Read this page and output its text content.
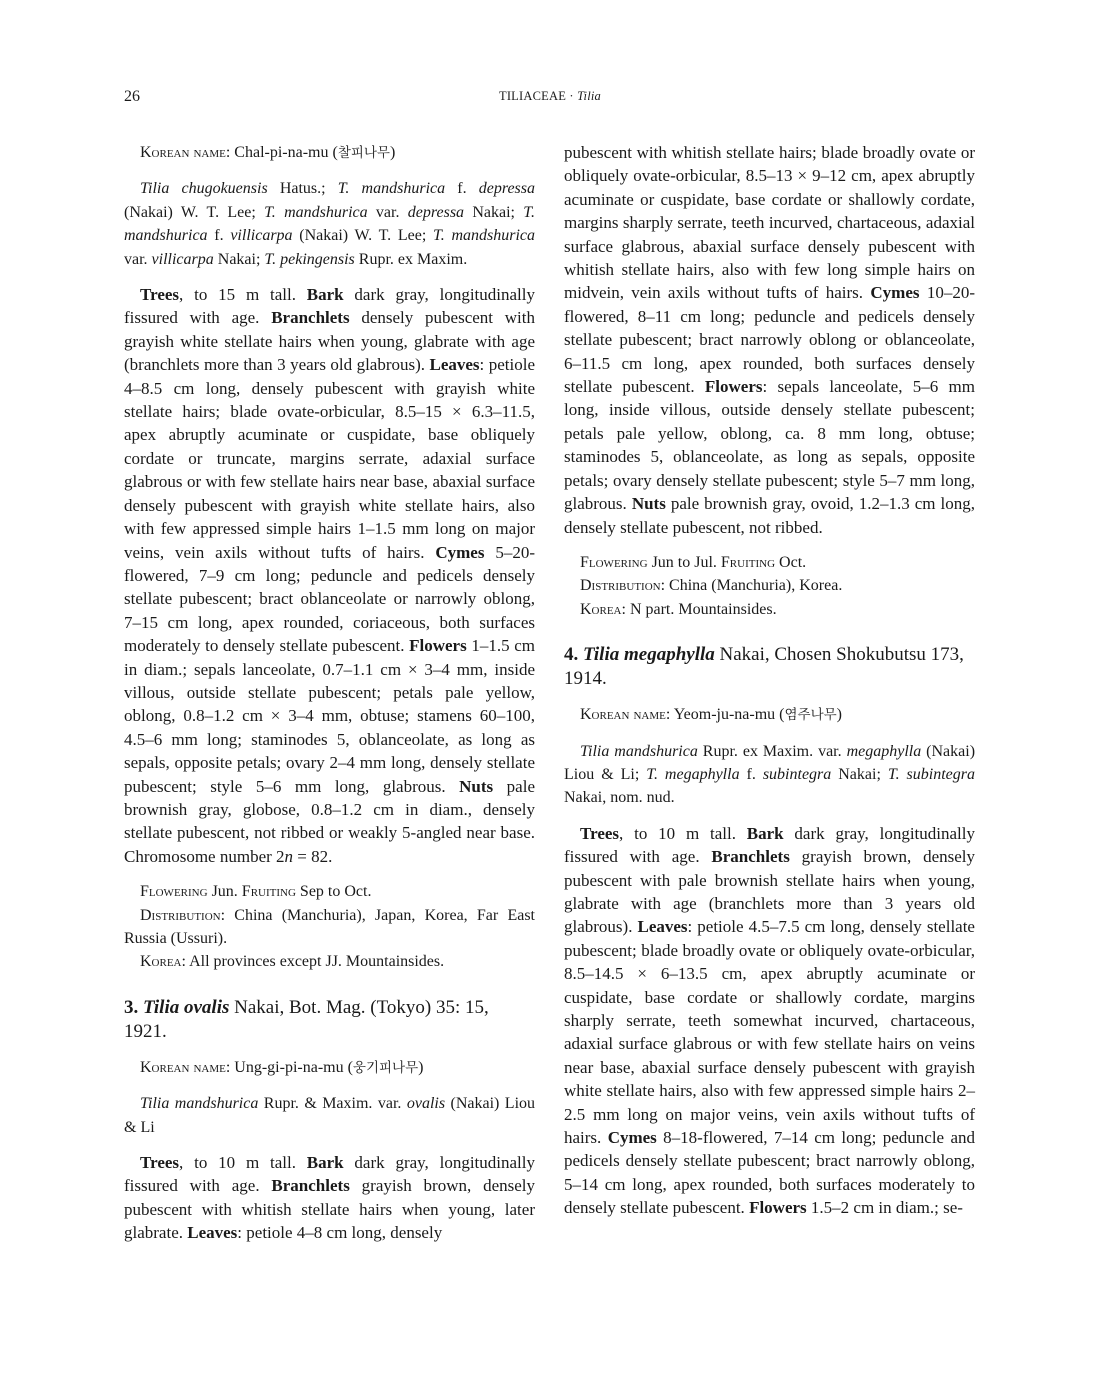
26	TILIACEAE · Tilia

Korean name: Chal-pi-na-mu (찰피나무)

Tilia chugokuensis Hatus.; T. mandshurica f. depressa (Nakai) W. T. Lee; T. mandshurica var. depressa Nakai; T. mandshurica f. villicarpa (Nakai) W. T. Lee; T. mandshurica var. villicarpa Nakai; T. pekingensis Rupr. ex Maxim.

Trees, to 15 m tall. Bark dark gray, longitudinally fissured with age. Branchlets densely pubescent with grayish white stellate hairs when young, glabrate with age (branchlets more than 3 years old glabrous). Leaves: petiole 4–8.5 cm long, densely pubescent with grayish white stellate hairs; blade ovate-orbicular, 8.5–15 × 6.3–11.5, apex abruptly acuminate or cuspidate, base obliquely cordate or truncate, margins serrate, adaxial surface glabrous or with few stellate hairs near base, abaxial surface densely pubescent with grayish white stellate hairs, also with few appressed simple hairs 1–1.5 mm long on major veins, vein axils without tufts of hairs. Cymes 5–20-flowered, 7–9 cm long; peduncle and pedicels densely stellate pubescent; bract oblanceolate or narrowly oblong, 7–15 cm long, apex rounded, coriaceous, both surfaces moderately to densely stellate pubescent. Flowers 1–1.5 cm in diam.; sepals lanceolate, 0.7–1.1 cm × 3–4 mm, inside villous, outside stellate pubescent; petals pale yellow, oblong, 0.8–1.2 cm × 3–4 mm, obtuse; stamens 60–100, 4.5–6 mm long; staminodes 5, oblanceolate, as long as sepals, opposite petals; ovary 2–4 mm long, densely stellate pubescent; style 5–6 mm long, glabrous. Nuts pale brownish gray, globose, 0.8–1.2 cm in diam., densely stellate pubescent, not ribbed or weakly 5-angled near base. Chromosome number 2n = 82.

Flowering Jun. Fruiting Sep to Oct.

Distribution: China (Manchuria), Japan, Korea, Far East Russia (Ussuri).

Korea: All provinces except JJ. Mountainsides.

3. Tilia ovalis Nakai, Bot. Mag. (Tokyo) 35: 15, 1921.

Korean name: Ung-gi-pi-na-mu (웅기피나무)

Tilia mandshurica Rupr. & Maxim. var. ovalis (Nakai) Liou & Li

Trees, to 10 m tall. Bark dark gray, longitudinally fissured with age. Branchlets grayish brown, densely pubescent with whitish stellate hairs when young, later glabrate. Leaves: petiole 4–8 cm long, densely

pubescent with whitish stellate hairs; blade broadly ovate or obliquely ovate-orbicular, 8.5–13 × 9–12 cm, apex abruptly acuminate or cuspidate, base cordate or shallowly cordate, margins sharply serrate, teeth incurved, chartaceous, adaxial surface glabrous, abaxial surface densely pubescent with whitish stellate hairs, also with few long simple hairs on midvein, vein axils without tufts of hairs. Cymes 10–20-flowered, 8–11 cm long; peduncle and pedicels densely stellate pubescent; bract narrowly oblong or oblanceolate, 6–11.5 cm long, apex rounded, both surfaces densely stellate pubescent. Flowers: sepals lanceolate, 5–6 mm long, inside villous, outside densely stellate pubescent; petals pale yellow, oblong, ca. 8 mm long, obtuse; staminodes 5, oblanceolate, as long as sepals, opposite petals; ovary densely stellate pubescent; style 5–7 mm long, glabrous. Nuts pale brownish gray, ovoid, 1.2–1.3 cm long, densely stellate pubescent, not ribbed.

Flowering Jun to Jul. Fruiting Oct.

Distribution: China (Manchuria), Korea.

Korea: N part. Mountainsides.

4. Tilia megaphylla Nakai, Chosen Shokubutsu 173, 1914.

Korean name: Yeom-ju-na-mu (염주나무)

Tilia mandshurica Rupr. ex Maxim. var. megaphylla (Nakai) Liou & Li; T. megaphylla f. subintegra Nakai; T. subintegra Nakai, nom. nud.

Trees, to 10 m tall. Bark dark gray, longitudinally fissured with age. Branchlets grayish brown, densely pubescent with pale brownish stellate hairs when young, glabrate with age (branchlets more than 3 years old glabrous). Leaves: petiole 4.5–7.5 cm long, densely stellate pubescent; blade broadly ovate or obliquely ovate-orbicular, 8.5–14.5 × 6–13.5 cm, apex abruptly acuminate or cuspidate, base cordate or shallowly cordate, margins sharply serrate, teeth somewhat incurved, chartaceous, adaxial surface glabrous or with few stellate hairs on veins near base, abaxial surface densely pubescent with grayish white stellate hairs, also with few appressed simple hairs 2–2.5 mm long on major veins, vein axils without tufts of hairs. Cymes 8–18-flowered, 7–14 cm long; peduncle and pedicels densely stellate pubescent; bract narrowly oblong, 5–14 cm long, apex rounded, both surfaces moderately to densely stellate pubescent. Flowers 1.5–2 cm in diam.; se-
